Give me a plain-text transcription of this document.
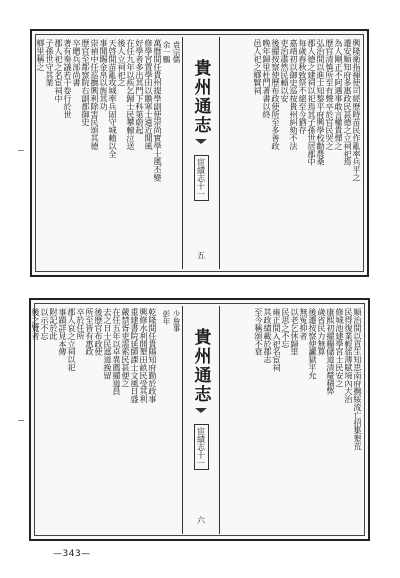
興隆衛指揮使司經歷時苗民作亂率兵平之
遷安順知府多惠政民甚德之立祠祀焉
為人剛正不阿遇事敢言權貴憚之
歷官清慎所至有聲卒於官民哭之
弘治間以進士知黎平府興學校勸農桑
郡人德之建祠以祀焉其子孫世居郡中
每歲春秋致祭不絕至今猶存
嘉靖初以御史巡按貴州糾劾不法
吏治肅然民賴以安
後擢按察使歷布政使所至多善政
晚年歸里杜門著書以終
邑人祀之鄉賢祠
貴州通志
宦績志十一
五
袁宗儒
余一鵬
萬曆間任貴州提學副使崇尚實學士風丕變
修學宮置學田以贍寒士遠近聞風
好學者多出其門下科第蔚起
在任九年以疾乞歸士民攀轅泣送
後人立祠祀之
天啓間苗亂攻城率兵固守城賴以全
事聞賜金帛以旌其功
崇禎中任巡撫興利除害民頌其德
歷官至都察院右副都御史
卒贈兵部尚書
著有奏議若干卷行於世
郡人祀之名宦祠中
子孫世守其業
鄉里稱之
順治間以貢生知思南府撫綏流亡招集墾荒
民得復業輕徭薄賦境內大治
修城池建學宮士民安之
康熙初擢糧儲道清釐積弊
歲省民力無算
後遷按察使讞獄平允
無冤抑者
以老乞休歸里
民思之不忘
雍正間入祀名宦祠
其政績載於郡志
至今稱頌不衰
貴州通志
宦績志十一
六
少詹事
彭年
乾隆間任貴陽知府勤於政事
興修水利開墾田畝民受其利
重建書院延師課士文風日盛
嚴禁胥吏需索民甚便之
在任五年以卓異薦擢道員
去之日士民遮道挽留
後歷官布政使
所至皆有惠政
卒於任所
郡人哀之立祠以祀
事蹟詳見本傳
附記於此
以示不忘
後之覽者
—343—
